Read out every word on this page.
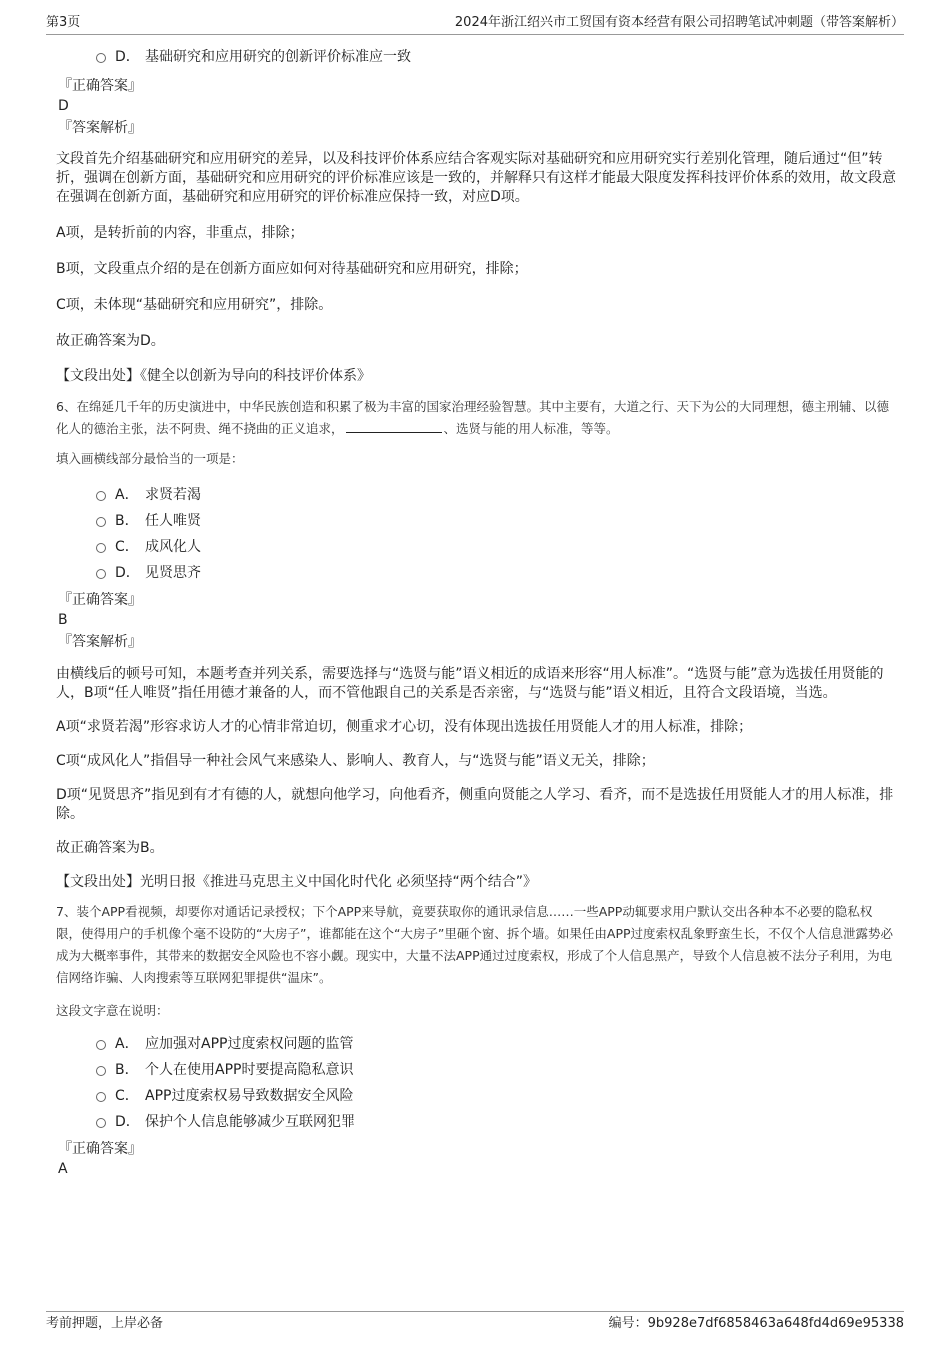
第3页	2024年浙江绍兴市工贸国有资本经营有限公司招聘笔试冲刺题（带答案解析）
D． 基础研究和应用研究的创新评价标准应一致
『正确答案』
D
『答案解析』

文段首先介绍基础研究和应用研究的差异，以及科技评价体系应结合客观实际对基础研究和应用研究实行差别化管理，随后通过“但”转折，强调在创新方面，基础研究和应用研究的评价标准应该是一致的，并解释只有这样才能最大限度发挥科技评价体系的效用，故文段意在强调在创新方面，基础研究和应用研究的评价标准应保持一致，对应D项。

A项，是转折前的内容，非重点，排除；

B项，文段重点介绍的是在创新方面应如何对待基础研究和应用研究，排除；

C项，未体现“基础研究和应用研究”，排除。

故正确答案为D。

【文段出处】《健全以创新为导向的科技评价体系》

6、在绵延几千年的历史演进中，中华民族创造和积累了极为丰富的国家治理经验智慧。其中主要有，大道之行、天下为公的大同理想，德主刑辅、以德化人的德治主张，法不阿贵、绳不挠曲的正义追求，	、选贤与能的用人标准，等等。

填入画横线部分最恰当的一项是：

A． 求贤若渴
B． 任人唯贤
C． 成风化人
D． 见贤思齐
『正确答案』
B
『答案解析』

由横线后的顿号可知，本题考查并列关系，需要选择与“选贤与能”语义相近的成语来形容“用人标准”。“选贤与能”意为选拔任用贤能的人，B项“任人唯贤”指任用德才兼备的人，而不管他跟自己的关系是否亲密，与“选贤与能”语义相近，且符合文段语境，当选。

A项“求贤若渴”形容求访人才的心情非常迫切，侧重求才心切，没有体现出选拔任用贤能人才的用人标准，排除；

C项“成风化人”指倡导一种社会风气来感染人、影响人、教育人，与“选贤与能”语义无关，排除；

D项“见贤思齐”指见到有才有德的人，就想向他学习，向他看齐，侧重向贤能之人学习、看齐，而不是选拔任用贤能人才的用人标准，排除。

故正确答案为B。

【文段出处】光明日报《推进马克思主义中国化时代化 必须坚持“两个结合”》

7、装个APP看视频，却要你对通话记录授权；下个APP来导航，竟要获取你的通讯录信息……一些APP动辄要求用户默认交出各种本不必要的隐私权限，使得用户的手机像个毫不设防的“大房子”，谁都能在这个“大房子”里砸个窗、拆个墙。如果任由APP过度索权乱象野蛮生长，不仅个人信息泄露势必成为大概率事件，其带来的数据安全风险也不容小觑。现实中，大量不法APP通过过度索权，形成了个人信息黑产，导致个人信息被不法分子利用，为电信网络诈骗、人肉搜索等互联网犯罪提供“温床”。

这段文字意在说明：

A． 应加强对APP过度索权问题的监管
B． 个人在使用APP时要提高隐私意识
C． APP过度索权易导致数据安全风险
D． 保护个人信息能够减少互联网犯罪
『正确答案』
A
考前押题，上岸必备	编号：9b928e7df6858463a648fd4d69e95338
